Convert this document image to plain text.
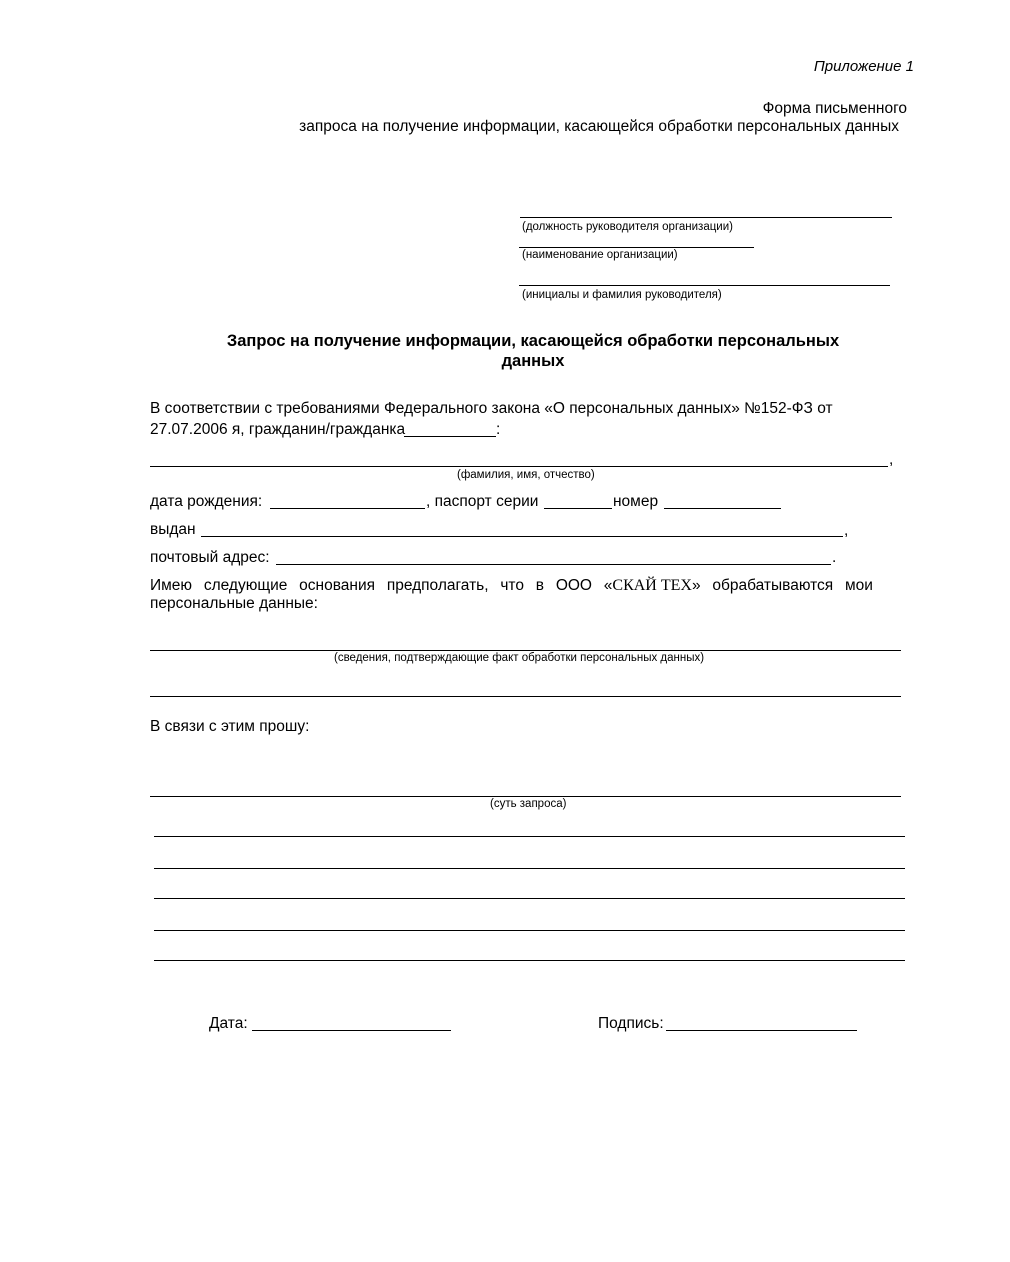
Приложение 1
Форма письменного
запроса на получение информации, касающейся обработки персональных данных
(должность руководителя организации)
(наименование организации)
(инициалы и фамилия руководителя)
Запрос на получение информации, касающейся обработки персональных
данных
В соответствии с требованиями Федерального закона «О персональных данных» №152-ФЗ от
27.07.2006 я, гражданин/гражданка	:
,
(фамилия, имя, отчество)
дата рождения:	, паспорт серии	номер
выдан	,
почтовый адрес:	.
Имею следующие основания предполагать, что в ООО «СКАЙ ТЕХ» обрабатываются мои
персональные данные:
(сведения, подтверждающие факт обработки персональных данных)
В связи с этим прошу:
(суть запроса)
Дата:	Подпись:
